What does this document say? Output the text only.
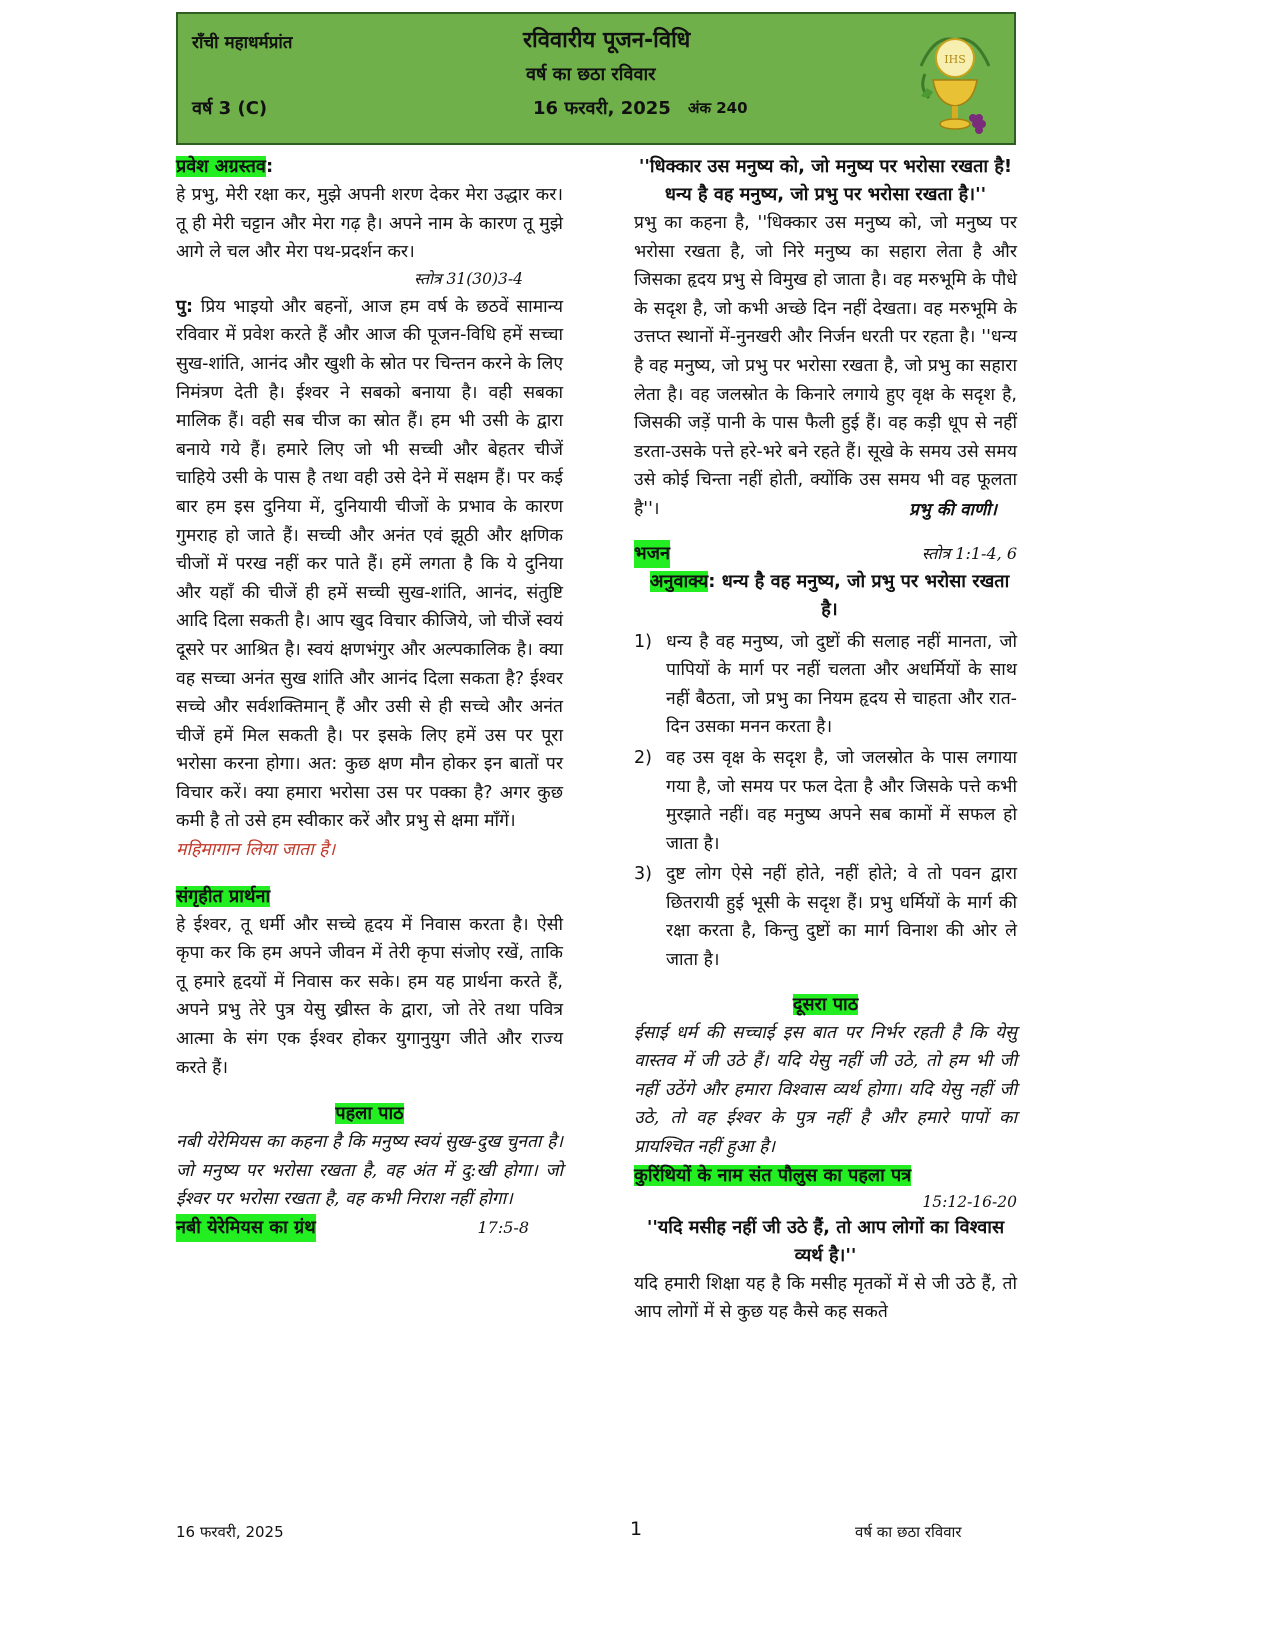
राँची महाधर्मप्रांत	रविवारीय पूजन-विधि
वर्ष का छठा रविवार
वर्ष 3 (C)	16 फरवरी, 2025 अंक 240
IHS
प्रवेश अग्रस्तव:

हे प्रभु, मेरी रक्षा कर, मुझे अपनी शरण देकर मेरा उद्धार कर। तू ही मेरी चट्टान और मेरा गढ़ है। अपने नाम के कारण तू मुझे आगे ले चल और मेरा पथ-प्रदर्शन कर।

स्तोत्र 31(30)3-4

पु: प्रिय भाइयो और बहनों, आज हम वर्ष के छठवें सामान्य रविवार में प्रवेश करते हैं और आज की पूजन-विधि हमें सच्चा सुख-शांति, आनंद और खुशी के स्रोत पर चिन्तन करने के लिए निमंत्रण देती है। ईश्वर ने सबको बनाया है। वही सबका मालिक हैं। वही सब चीज का स्रोत हैं। हम भी उसी के द्वारा बनाये गये हैं। हमारे लिए जो भी सच्ची और बेहतर चीजें चाहिये उसी के पास है तथा वही उसे देने में सक्षम हैं। पर कई बार हम इस दुनिया में, दुनियायी चीजों के प्रभाव के कारण गुमराह हो जाते हैं। सच्ची और अनंत एवं झूठी और क्षणिक चीजों में परख नहीं कर पाते हैं। हमें लगता है कि ये दुनिया और यहाँ की चीजें ही हमें सच्ची सुख-शांति, आनंद, संतुष्टि आदि दिला सकती है। आप खुद विचार कीजिये, जो चीजें स्वयं दूसरे पर आश्रित है। स्वयं क्षणभंगुर और अल्पकालिक है। क्या वह सच्चा अनंत सुख शांति और आनंद दिला सकता है? ईश्वर सच्चे और सर्वशक्तिमान् हैं और उसी से ही सच्चे और अनंत चीजें हमें मिल सकती है। पर इसके लिए हमें उस पर पूरा भरोसा करना होगा। अत: कुछ क्षण मौन होकर इन बातों पर विचार करें। क्या हमारा भरोसा उस पर पक्का है? अगर कुछ कमी है तो उसे हम स्वीकार करें और प्रभु से क्षमा माँगें।

महिमागान लिया जाता है।

संगृहीत प्रार्थना

हे ईश्वर, तू धर्मी और सच्चे हृदय में निवास करता है। ऐसी कृपा कर कि हम अपने जीवन में तेरी कृपा संजोए रखें, ताकि तू हमारे हृदयों में निवास कर सके। हम यह प्रार्थना करते हैं, अपने प्रभु तेरे पुत्र येसु ख्रीस्त के द्वारा, जो तेरे तथा पवित्र आत्मा के संग एक ईश्वर होकर युगानुयुग जीते और राज्य करते हैं।

पहला पाठ

नबी येरेमियस का कहना है कि मनुष्य स्वयं सुख-दुख चुनता है। जो मनुष्य पर भरोसा रखता है, वह अंत में दु:खी होगा। जो ईश्वर पर भरोसा रखता है, वह कभी निराश नहीं होगा।

नबी येरेमियस का ग्रंथ	17:5-8

''धिक्कार उस मनुष्य को, जो मनुष्य पर भरोसा रखता है! धन्य है वह मनुष्य, जो प्रभु पर भरोसा रखता है।''

प्रभु का कहना है, ''धिक्कार उस मनुष्य को, जो मनुष्य पर भरोसा रखता है, जो निरे मनुष्य का सहारा लेता है और जिसका हृदय प्रभु से विमुख हो जाता है। वह मरुभूमि के पौधे के सदृश है, जो कभी अच्छे दिन नहीं देखता। वह मरुभूमि के उत्तप्त स्थानों में-नुनखरी और निर्जन धरती पर रहता है। ''धन्य है वह मनुष्य, जो प्रभु पर भरोसा रखता है, जो प्रभु का सहारा लेता है। वह जलस्रोत के किनारे लगाये हुए वृक्ष के सदृश है, जिसकी जड़ें पानी के पास फैली हुई हैं। वह कड़ी धूप से नहीं डरता-उसके पत्ते हरे-भरे बने रहते हैं। सूखे के समय उसे समय उसे कोई चिन्ता नहीं होती, क्योंकि उस समय भी वह फूलता है''।	प्रभु की वाणी।
भजन	स्तोत्र 1:1-4, 6

अनुवाक्य: धन्य है वह मनुष्य, जो प्रभु पर भरोसा रखता है।

1) धन्य है वह मनुष्य, जो दुष्टों की सलाह नहीं मानता, जो पापियों के मार्ग पर नहीं चलता और अधर्मियों के साथ नहीं बैठता, जो प्रभु का नियम हृदय से चाहता और रात-दिन उसका मनन करता है।
2) वह उस वृक्ष के सदृश है, जो जलस्रोत के पास लगाया गया है, जो समय पर फल देता है और जिसके पत्ते कभी मुरझाते नहीं। वह मनुष्य अपने सब कामों में सफल हो जाता है।
3) दुष्ट लोग ऐसे नहीं होते, नहीं होते; वे तो पवन द्वारा छितरायी हुई भूसी के सदृश हैं। प्रभु धर्मियों के मार्ग की रक्षा करता है, किन्तु दुष्टों का मार्ग विनाश की ओर ले जाता है।
दूसरा पाठ

ईसाई धर्म की सच्चाई इस बात पर निर्भर रहती है कि येसु वास्तव में जी उठे हैं। यदि येसु नहीं जी उठे, तो हम भी जी नहीं उठेंगे और हमारा विश्वास व्यर्थ होगा। यदि येसु नहीं जी उठे, तो वह ईश्वर के पुत्र नहीं है और हमारे पापों का प्रायश्चित नहीं हुआ है।

कुरिंथियों के नाम संत पौलुस का पहला पत्र
15:12-16-20

''यदि मसीह नहीं जी उठे हैं, तो आप लोगों का विश्वास व्यर्थ है।''

यदि हमारी शिक्षा यह है कि मसीह मृतकों में से जी उठे हैं, तो आप लोगों में से कुछ यह कैसे कह सकते

16 फरवरी, 2025	1	वर्ष का छठा रविवार
